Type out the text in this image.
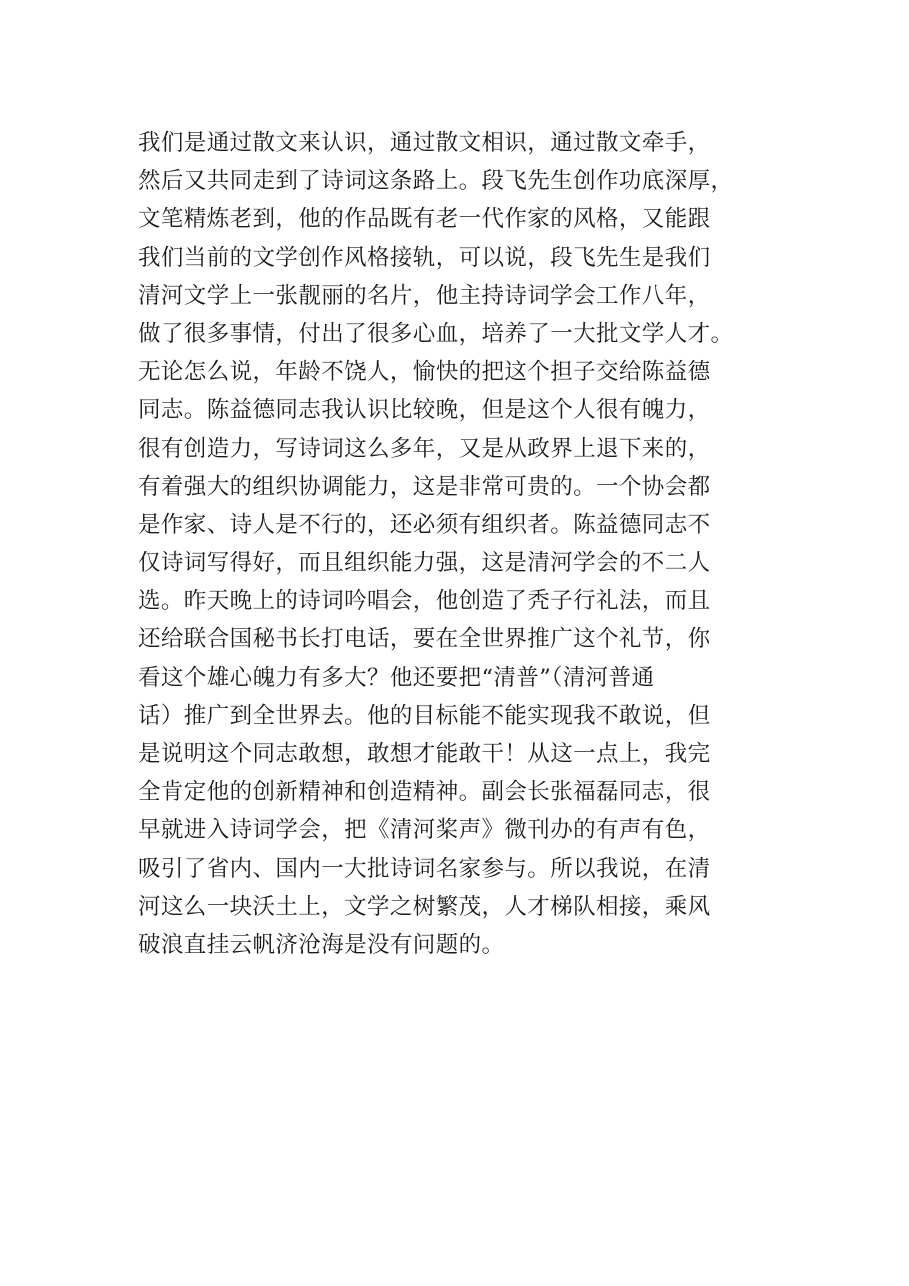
我们是通过散文来认识，通过散文相识，通过散文牵手，
然后又共同走到了诗词这条路上。段飞先生创作功底深厚，
文笔精炼老到，他的作品既有老一代作家的风格，又能跟
我们当前的文学创作风格接轨，可以说，段飞先生是我们
清河文学上一张靓丽的名片，他主持诗词学会工作八年，
做了很多事情，付出了很多心血，培养了一大批文学人才。
无论怎么说，年龄不饶人，愉快的把这个担子交给陈益德
同志。陈益德同志我认识比较晚，但是这个人很有魄力，
很有创造力，写诗词这么多年，又是从政界上退下来的，
有着强大的组织协调能力，这是非常可贵的。一个协会都
是作家、诗人是不行的，还必须有组织者。陈益德同志不
仅诗词写得好，而且组织能力强，这是清河学会的不二人
选。昨天晚上的诗词吟唱会，他创造了秃子行礼法，而且
还给联合国秘书长打电话，要在全世界推广这个礼节，你
看这个雄心魄力有多大？他还要把“清普”（清河普通
话）推广到全世界去。他的目标能不能实现我不敢说，但
是说明这个同志敢想，敢想才能敢干！从这一点上，我完
全肯定他的创新精神和创造精神。副会长张福磊同志，很
早就进入诗词学会，把《清河桨声》微刊办的有声有色，
吸引了省内、国内一大批诗词名家参与。所以我说，在清
河这么一块沃土上，文学之树繁茂，人才梯队相接，乘风
破浪直挂云帆济沧海是没有问题的。
